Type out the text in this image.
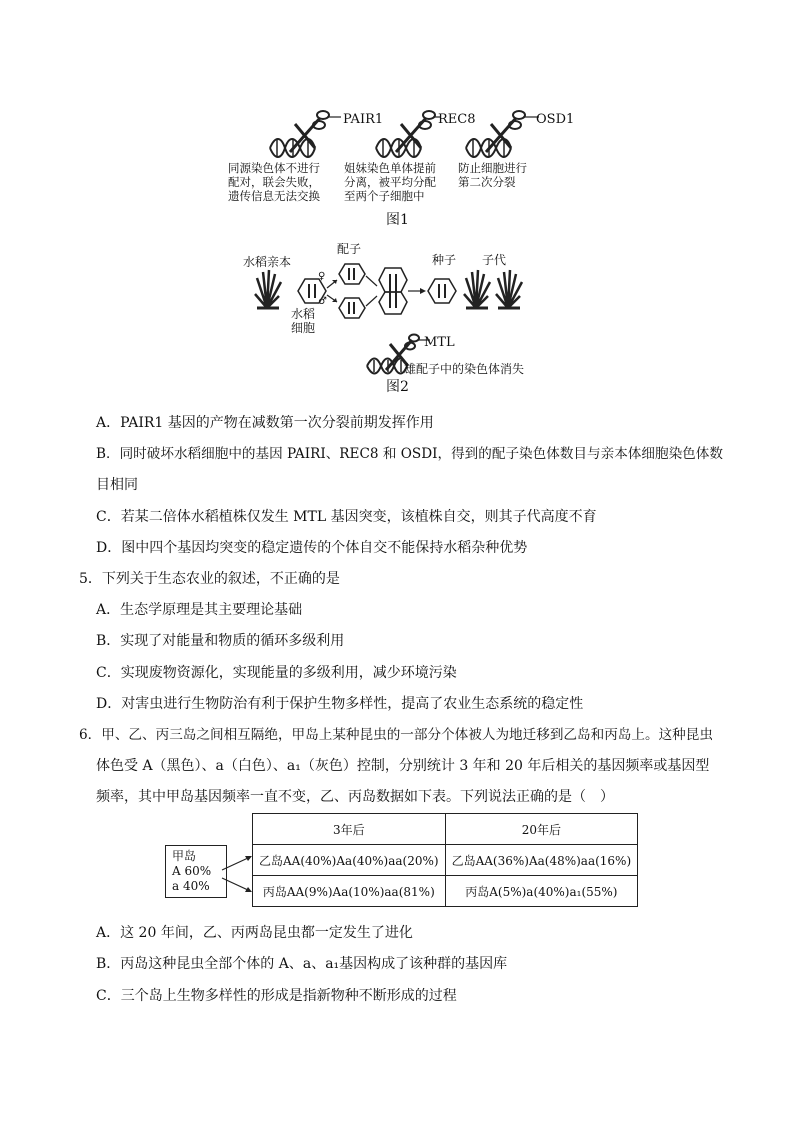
PAIR1	REC8	OSD1
同源染色体不进行
配对，联会失败，
遗传信息无法交换
姐妹染色单体提前
分离，被平均分配
至两个子细胞中
防止细胞进行
第二次分裂
图1
水稻亲本
配子
种子 子代
水稻
细胞
♀
♂
MTL
雄配子中的染色体消失
图2
A．PAIR1 基因的产物在减数第一次分裂前期发挥作用
B．同时破坏水稻细胞中的基因 PAIRI、REC8 和 OSDI，得到的配子染色体数目与亲本体细胞染色体数
目相同
C．若某二倍体水稻植株仅发生 MTL 基因突变，该植株自交，则其子代高度不育
D．图中四个基因均突变的稳定遗传的个体自交不能保持水稻杂种优势
5．下列关于生态农业的叙述，不正确的是
A．生态学原理是其主要理论基础
B．实现了对能量和物质的循环多级利用
C．实现废物资源化，实现能量的多级利用，减少环境污染
D．对害虫进行生物防治有利于保护生物多样性，提高了农业生态系统的稳定性
6．甲、乙、丙三岛之间相互隔绝，甲岛上某种昆虫的一部分个体被人为地迁移到乙岛和丙岛上。这种昆虫
体色受 A（黑色）、a（白色）、a₁（灰色）控制，分别统计 3 年和 20 年后相关的基因频率或基因型
频率，其中甲岛基因频率一直不变，乙、丙岛数据如下表。下列说法正确的是（　）
甲岛
A 60%
a 40%
3年后	20年后
乙岛AA(40%)Aa(40%)aa(20%)	乙岛AA(36%)Aa(48%)aa(16%)
丙岛AA(9%)Aa(10%)aa(81%)	丙岛A(5%)a(40%)a₁(55%)
A．这 20 年间，乙、丙两岛昆虫都一定发生了进化
B．丙岛这种昆虫全部个体的 A、a、a₁基因构成了该种群的基因库
C．三个岛上生物多样性的形成是指新物种不断形成的过程
